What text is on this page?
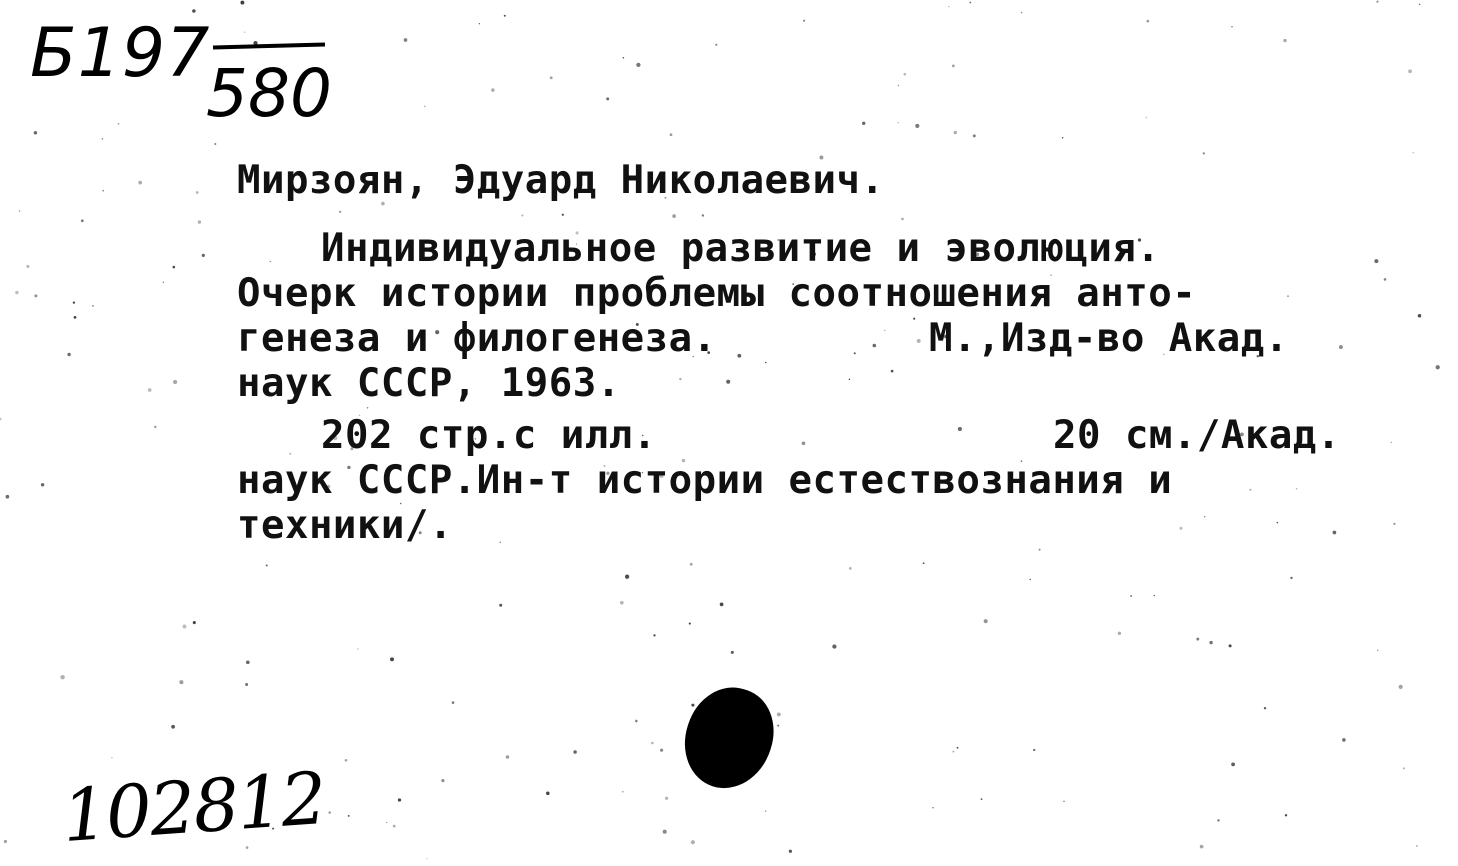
Б197
580
Мирзоян, Эдуард Николаевич.
Индивидуальное развитие и эволюция.
Очерк истории проблемы соотношения анто-
генеза и филогенеза.	М.,Изд-во Акад.
наук СССР, 1963.
202 стр.с илл.	20 см./Акад.
наук СССР.Ин-т истории естествознания и
техники/.
102812
